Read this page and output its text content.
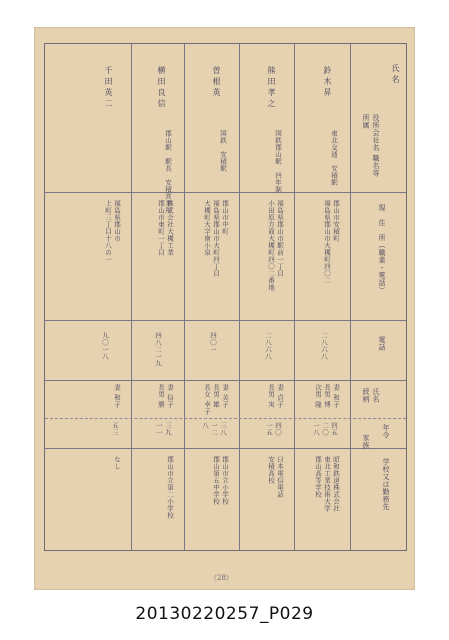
氏名
所属 役所会社名 職名等
現　住　所（職業・電話）
電話
続柄 氏名
年令
家族
学校又は勤務先
鈴木昇
東北交通　安積駅
郡山市安積町
福島県郡山市大槻町四〇二
二八六八
妻 和子
長男 博
次男 隆
四五
二〇
一八
昭和鉄道株式会社
東北工業技術大学
郡山高等学校
熊田孝之
国鉄郡山駅　四年制
福島県郡山市駅前一丁目
小田原方面大槻町四〇二番地
二八六八
妻 貞子
長男 実
四〇
一五
日本電信電話
安積高校
曽根英
国鉄　安積駅
郡山市中町
福島県郡山市大町四丁目
大槻町大字南小泉
四〇一
妻 美子
長男 雄
長女 幸子
三八
一二
八
郡山市立小学校
郡山第五中学校
横田良信
郡山駅　駅長　安積営業所
株式会社大槻工業
郡山市東町一丁目
四八二一九
妻 信子
長男 勝
三九
一一
郡山市立第二小学校
千田英二
福島県郡山市
上町三丁目十八の一
九〇一八
妻 和子
五三
なし
（28）
20130220257_P029
